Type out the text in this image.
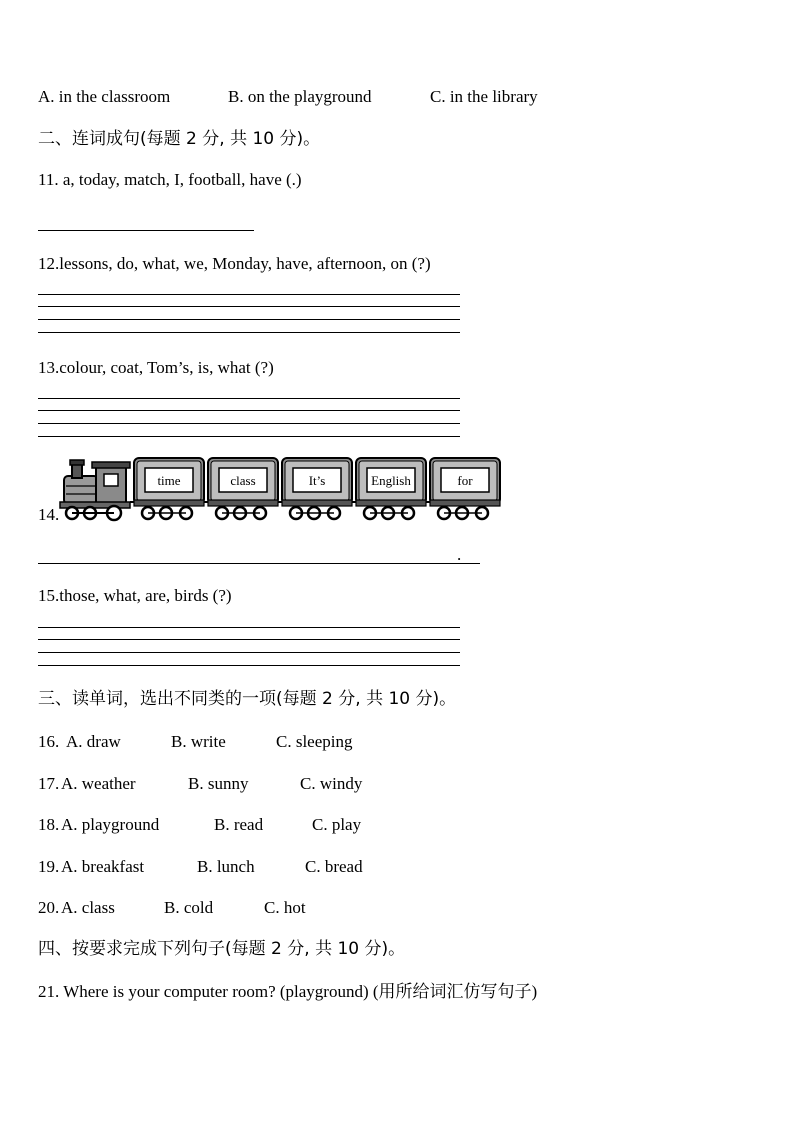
A. in the classroom	B. on the playground	C. in the library
二、连词成句(每题 2 分, 共 10 分)。
11. a, today, match, I, football, have (.)
12.lessons, do, what, we, Monday, have, afternoon, on (?)
13.colour, coat, Tom’s, is, what (?)
14.
time	class	It’s	English	for
.
15.those, what, are, birds (?)
三、读单词，选出不同类的一项(每题 2 分, 共 10 分)。
16. A. draw	B. write	C. sleeping
17. A. weather	B. sunny	C. windy
18. A. playground	B. read	C. play
19. A. breakfast	B. lunch	C. bread
20. A. class	B. cold	C. hot
四、按要求完成下列句子(每题 2 分, 共 10 分)。
21. Where is your computer room? (playground) (用所给词汇仿写句子)
